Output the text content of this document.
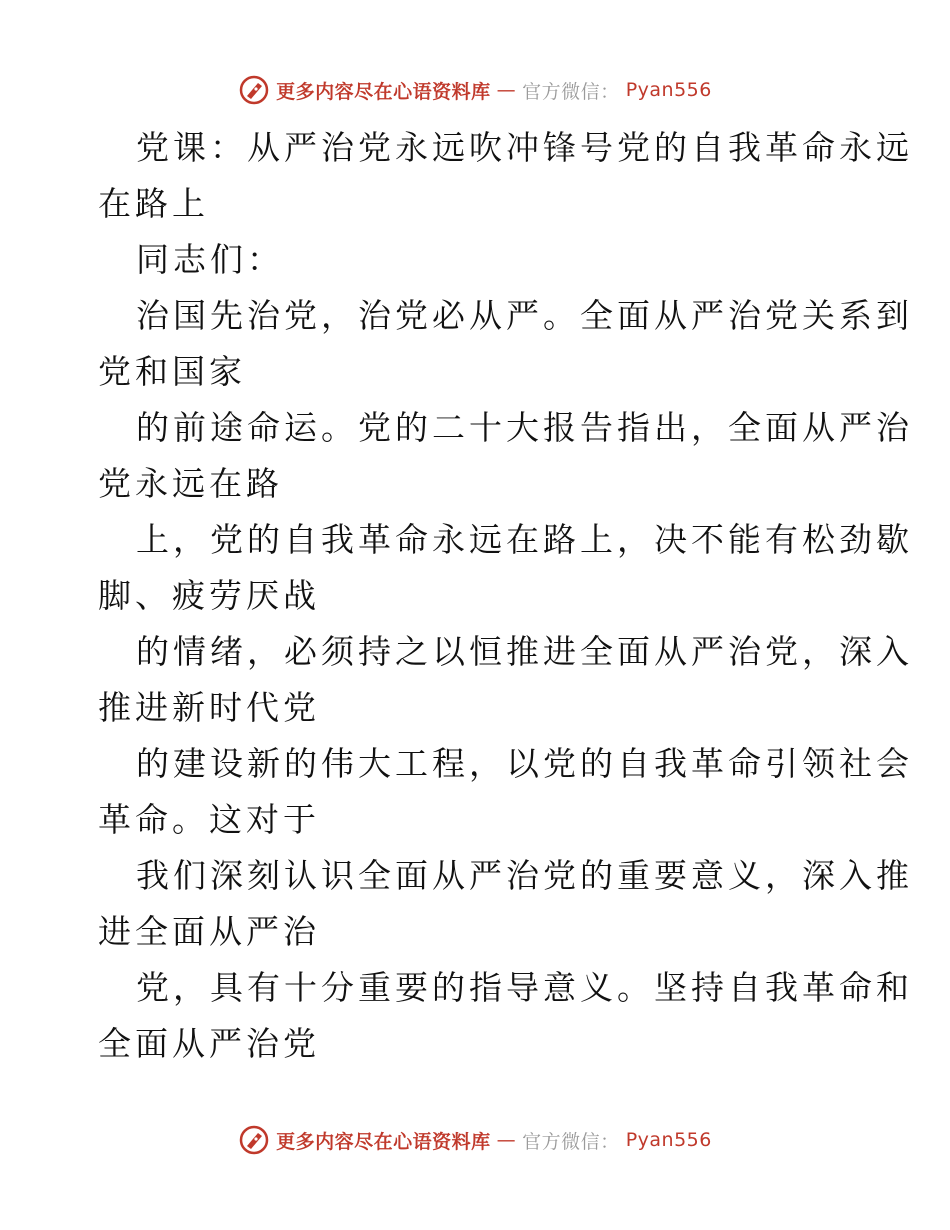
更多内容尽在心语资料库 — 官方微信： Pyan556
党课：从严治党永远吹冲锋号党的自我革命永远
在路上
同志们：
治国先治党，治党必从严。全面从严治党关系到
党和国家
的前途命运。党的二十大报告指出，全面从严治
党永远在路
上，党的自我革命永远在路上，决不能有松劲歇
脚、疲劳厌战
的情绪，必须持之以恒推进全面从严治党，深入
推进新时代党
的建设新的伟大工程，以党的自我革命引领社会
革命。这对于
我们深刻认识全面从严治党的重要意义，深入推
进全面从严治
党，具有十分重要的指导意义。坚持自我革命和
全面从严治党
更多内容尽在心语资料库 — 官方微信： Pyan556
